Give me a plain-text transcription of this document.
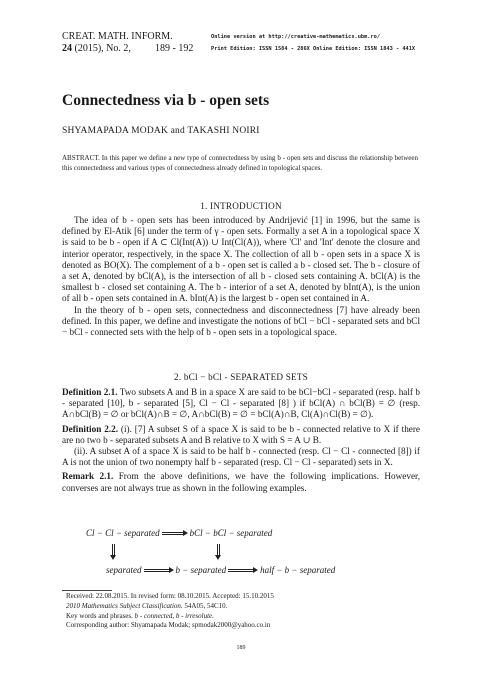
CREAT. MATH. INFORM.
24 (2015), No. 2, 189 - 192
Online version at http://creative-mathematics.ubm.ro/
Print Edition: ISSN 1584 - 286X Online Edition: ISSN 1843 - 441X
Connectedness via b - open sets
SHYAMAPADA MODAK and TAKASHI NOIRI
ABSTRACT. In this paper we define a new type of connectedness by using b - open sets and discuss the relationship between this connectedness and various types of connectedness already defined in topological spaces.
1. INTRODUCTION

The idea of b - open sets has been introduced by Andrijević [1] in 1996, but the same is defined by El-Atik [6] under the term of γ - open sets. Formally a set A in a topological space X is said to be b - open if A ⊂ Cl(Int(A)) ∪ Int(Cl(A)), where 'Cl' and 'Int' denote the closure and interior operator, respectively, in the space X. The collection of all b - open sets in a space X is denoted as BO(X). The complement of a b - open set is called a b - closed set. The b - closure of a set A, denoted by bCl(A), is the intersection of all b - closed sets containing A. bCl(A) is the smallest b - closed set containing A. The b - interior of a set A, denoted by bInt(A), is the union of all b - open sets contained in A. bInt(A) is the largest b - open set contained in A.

In the theory of b - open sets, connectedness and disconnectedness [7] have already been defined. In this paper, we define and investigate the notions of bCl − bCl - separated sets and bCl − bCl - connected sets with the help of b - open sets in a topological space.

2. bCl − bCl - SEPARATED SETS

Definition 2.1. Two subsets A and B in a space X are said to be bCl−bCl - separated (resp. half b - separated [10], b - separated [5], Cl − Cl - separated [8] ) if bCl(A) ∩ bCl(B) = ∅ (resp. A∩bCl(B) = ∅ or bCl(A)∩B = ∅, A∩bCl(B) = ∅ = bCl(A)∩B, Cl(A)∩Cl(B) = ∅).

Definition 2.2. (i). [7] A subset S of a space X is said to be b - connected relative to X if there are no two b - separated subsets A and B relative to X with S = A ∪ B.

(ii). A subset A of a space X is said to be half b - connected (resp. Cl − Cl - connected [8]) if A is not the union of two nonempty half b - separated (resp. Cl − Cl - separated) sets in X.

Remark 2.1. From the above definitions, we have the following implications. However, converses are not always true as shown in the following examples.

Cl − Cl − separated	bCl − bCl − separated
separated	b − separated	half − b − separated
Received: 22.08.2015. In revised form: 08.10.2015. Accepted: 15.10.2015
2010 Mathematics Subject Classification. 54A05, 54C10.
Key words and phrases. b - connected, b - irresolute.
Corresponding author: Shyamapada Modak; spmodak2000@yahoo.co.in
189
